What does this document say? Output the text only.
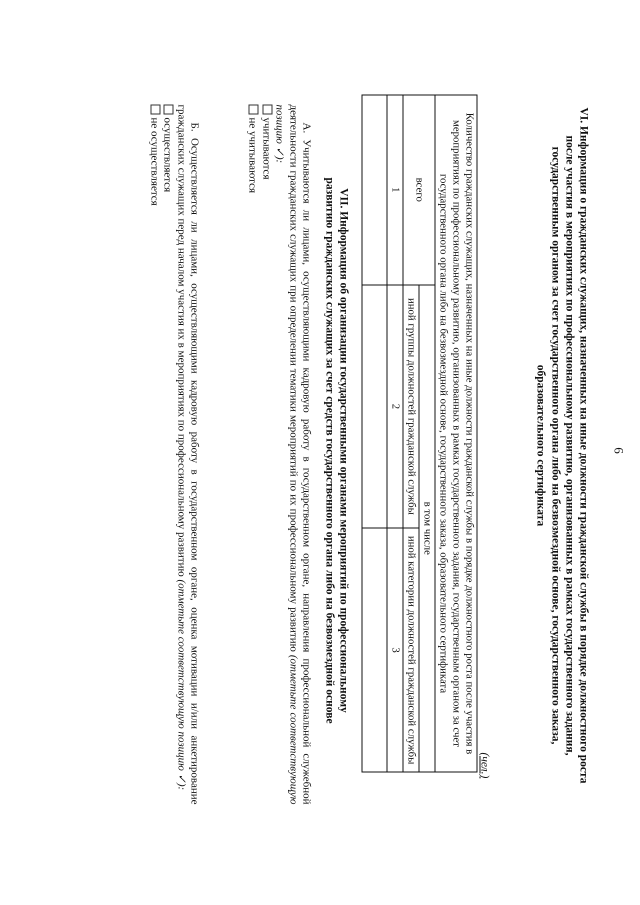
6
VI. Информация о гражданских служащих, назначенных на иные должности гражданской службы в порядке должностного роста после участия в мероприятиях по профессиональному развитию, организованных в рамках государственного задания, государственным органом за счет государственного органа либо на безвозмездной основе, государственного заказа, образовательного сертификата
(чел.)
Количество гражданских служащих, назначенных на иные должности гражданской службы в порядке должностного роста после участия в мероприятиях по профессиональному развитию, организованных в рамках государственного задания, государственным органом за счет государственного органа либо на безвозмездной основе, государственного заказа, образовательного сертификата		
всего	в том числе	
	иной группы должностей гражданской службы	иной категории должностей гражданской службы
1	2	3

VII. Информация об организации государственными органами мероприятий по профессиональному развитию гражданских служащих за счет средств государственного органа либо на безвозмездной основе
А. Учитываются ли лицами, осуществляющими кадровую работу в государственном органе, направления профессиональной служебной деятельности гражданских служащих при определении тематики мероприятий по их профессиональному развитию (отметьте соответствующую позицию ✓):
учитываются
не учитываются
Б. Осуществляется ли лицами, осуществляющими кадровую работу в государственном органе, оценка мотивации и/или анкетирование гражданских служащих перед началом участия их в мероприятиях по профессиональному развитию (отметьте соответствующую позицию ✓):
осуществляется
не осуществляется
